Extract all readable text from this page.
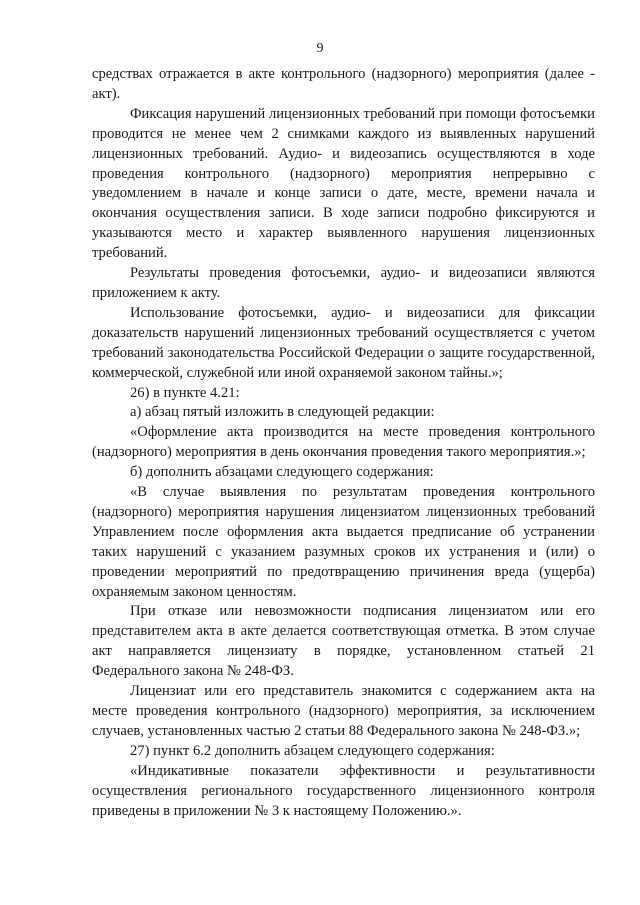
9

средствах отражается в акте контрольного (надзорного) мероприятия (далее - акт).

Фиксация нарушений лицензионных требований при помощи фотосъемки проводится не менее чем 2 снимками каждого из выявленных нарушений лицензионных требований. Аудио- и видеозапись осуществляются в ходе проведения контрольного (надзорного) мероприятия непрерывно с уведомлением в начале и конце записи о дате, месте, времени начала и окончания осуществления записи. В ходе записи подробно фиксируются и указываются место и характер выявленного нарушения лицензионных требований.

Результаты проведения фотосъемки, аудио- и видеозаписи являются приложением к акту.

Использование фотосъемки, аудио- и видеозаписи для фиксации доказательств нарушений лицензионных требований осуществляется с учетом требований законодательства Российской Федерации о защите государственной, коммерческой, служебной или иной охраняемой законом тайны.»;

26) в пункте 4.21:

а) абзац пятый изложить в следующей редакции:

«Оформление акта производится на месте проведения контрольного (надзорного) мероприятия в день окончания проведения такого мероприятия.»;

б) дополнить абзацами следующего содержания:

«В случае выявления по результатам проведения контрольного (надзорного) мероприятия нарушения лицензиатом лицензионных требований Управлением после оформления акта выдается предписание об устранении таких нарушений с указанием разумных сроков их устранения и (или) о проведении мероприятий по предотвращению причинения вреда (ущерба) охраняемым законом ценностям.

При отказе или невозможности подписания лицензиатом или его представителем акта в акте делается соответствующая отметка. В этом случае акт направляется лицензиату в порядке, установленном статьей 21 Федерального закона № 248-ФЗ.

Лицензиат или его представитель знакомится с содержанием акта на месте проведения контрольного (надзорного) мероприятия, за исключением случаев, установленных частью 2 статьи 88 Федерального закона № 248-ФЗ.»;

27) пункт 6.2 дополнить абзацем следующего содержания:

«Индикативные показатели эффективности и результативности осуществления регионального государственного лицензионного контроля приведены в приложении № 3 к настоящему Положению.».
